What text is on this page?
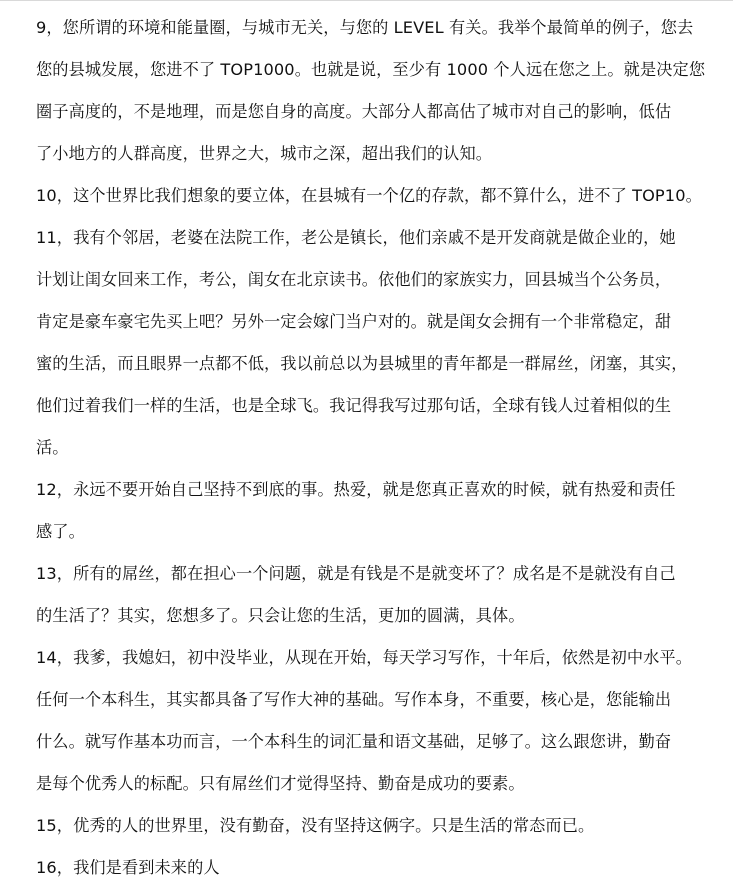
9，您所谓的环境和能量圈，与城市无关，与您的 LEVEL 有关。我举个最简单的例子，您去
您的县城发展，您进不了 TOP1000。也就是说，至少有 1000 个人远在您之上。就是决定您
圈子高度的，不是地理，而是您自身的高度。大部分人都高估了城市对自己的影响，低估
了小地方的人群高度，世界之大，城市之深，超出我们的认知。
10，这个世界比我们想象的要立体，在县城有一个亿的存款，都不算什么，进不了 TOP10。
11，我有个邻居，老婆在法院工作，老公是镇长，他们亲戚不是开发商就是做企业的，她
计划让闺女回来工作，考公，闺女在北京读书。依他们的家族实力，回县城当个公务员，
肯定是豪车豪宅先买上吧？另外一定会嫁门当户对的。就是闺女会拥有一个非常稳定，甜
蜜的生活，而且眼界一点都不低，我以前总以为县城里的青年都是一群屌丝，闭塞，其实，
他们过着我们一样的生活，也是全球飞。我记得我写过那句话，全球有钱人过着相似的生
活。
12，永远不要开始自己坚持不到底的事。热爱，就是您真正喜欢的时候，就有热爱和责任
感了。
13，所有的屌丝，都在担心一个问题，就是有钱是不是就变坏了？成名是不是就没有自己
的生活了？其实，您想多了。只会让您的生活，更加的圆满，具体。
14，我爹，我媳妇，初中没毕业，从现在开始，每天学习写作，十年后，依然是初中水平。
任何一个本科生，其实都具备了写作大神的基础。写作本身，不重要，核心是，您能输出
什么。就写作基本功而言，一个本科生的词汇量和语文基础，足够了。这么跟您讲，勤奋
是每个优秀人的标配。只有屌丝们才觉得坚持、勤奋是成功的要素。
15，优秀的人的世界里，没有勤奋，没有坚持这俩字。只是生活的常态而已。
16，我们是看到未来的人
